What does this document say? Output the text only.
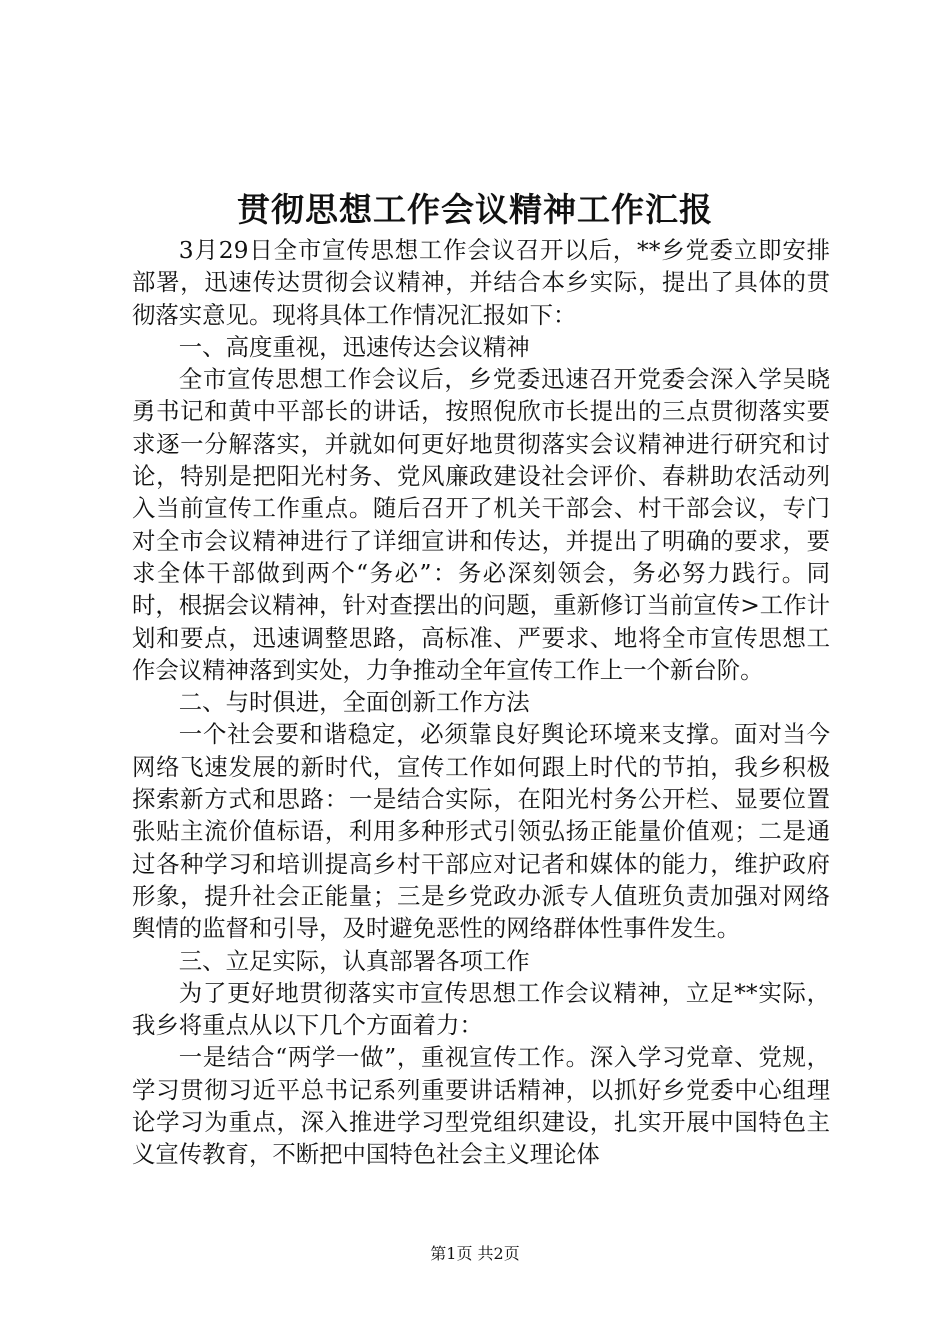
贯彻思想工作会议精神工作汇报

3月29日全市宣传思想工作会议召开以后，**乡党委立即安排部署，迅速传达贯彻会议精神，并结合本乡实际，提出了具体的贯彻落实意见。现将具体工作情况汇报如下：

一、高度重视，迅速传达会议精神

全市宣传思想工作会议后，乡党委迅速召开党委会深入学吴晓勇书记和黄中平部长的讲话，按照倪欣市长提出的三点贯彻落实要求逐一分解落实，并就如何更好地贯彻落实会议精神进行研究和讨论，特别是把阳光村务、党风廉政建设社会评价、春耕助农活动列入当前宣传工作重点。随后召开了机关干部会、村干部会议，专门对全市会议精神进行了详细宣讲和传达，并提出了明确的要求，要求全体干部做到两个“务必”：务必深刻领会，务必努力践行。同时，根据会议精神，针对查摆出的问题，重新修订当前宣传>工作计划和要点，迅速调整思路，高标准、严要求、地将全市宣传思想工作会议精神落到实处，力争推动全年宣传工作上一个新台阶。

二、与时俱进，全面创新工作方法

一个社会要和谐稳定，必须靠良好舆论环境来支撑。面对当今网络飞速发展的新时代，宣传工作如何跟上时代的节拍，我乡积极探索新方式和思路：一是结合实际，在阳光村务公开栏、显要位置张贴主流价值标语，利用多种形式引领弘扬正能量价值观；二是通过各种学习和培训提高乡村干部应对记者和媒体的能力，维护政府形象，提升社会正能量；三是乡党政办派专人值班负责加强对网络舆情的监督和引导，及时避免恶性的网络群体性事件发生。

三、立足实际，认真部署各项工作

为了更好地贯彻落实市宣传思想工作会议精神，立足**实际，我乡将重点从以下几个方面着力：

一是结合“两学一做”，重视宣传工作。深入学习党章、党规，学习贯彻习近平总书记系列重要讲话精神，以抓好乡党委中心组理论学习为重点，深入推进学习型党组织建设，扎实开展中国特色主义宣传教育，不断把中国特色社会主义理论体

第1页 共2页
